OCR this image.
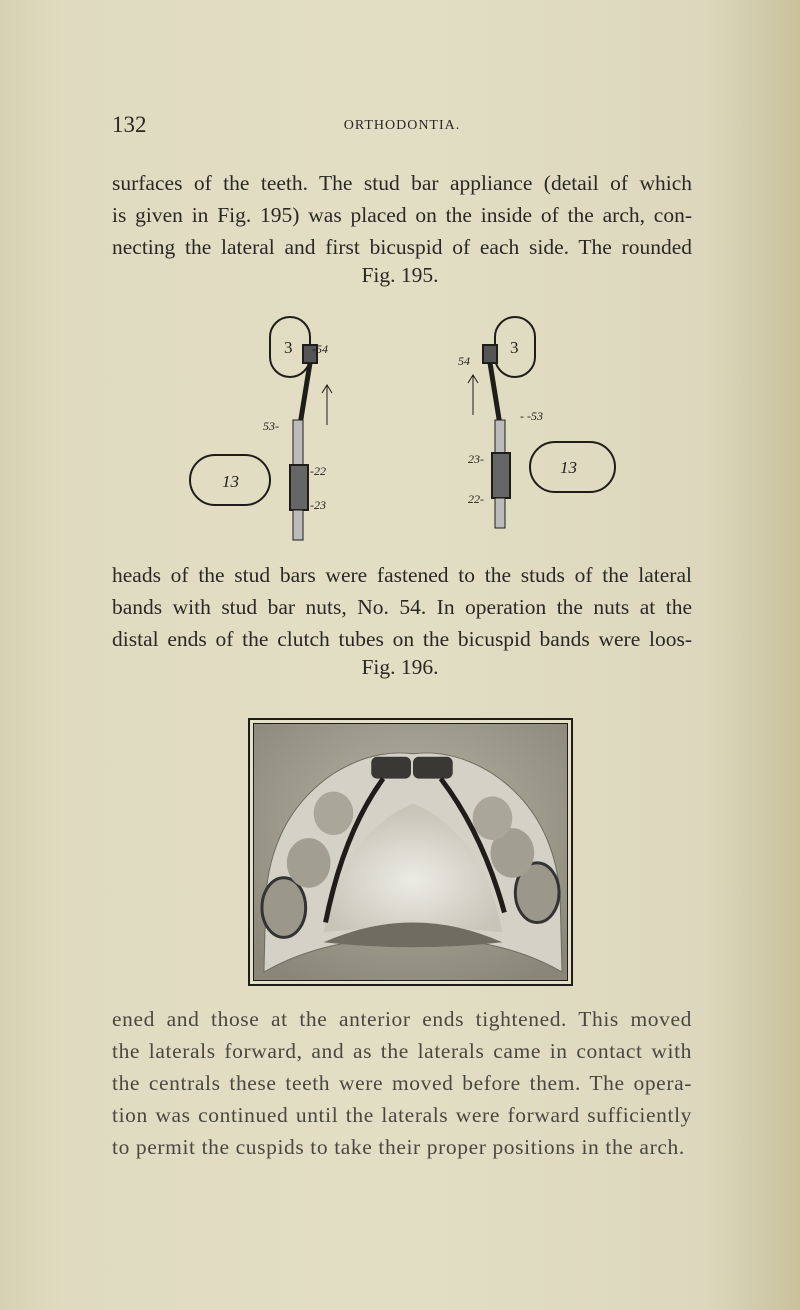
132	ORTHODONTIA.
surfaces of the teeth. The stud bar appliance (detail of which
is given in Fig. 195) was placed on the inside of the arch, con-
necting the lateral and first bicuspid of each side. The rounded
Fig. 195.
3
13
-54
53-
-22
-23
3
13
54
- -53
23-
22-
heads of the stud bars were fastened to the studs of the lateral
bands with stud bar nuts, No. 54. In operation the nuts at the
distal ends of the clutch tubes on the bicuspid bands were loos-
Fig. 196.
ened and those at the anterior ends tightened. This moved
the laterals forward, and as the laterals came in contact with
the centrals these teeth were moved before them. The opera-
tion was continued until the laterals were forward sufficiently
to permit the cuspids to take their proper positions in the arch.
